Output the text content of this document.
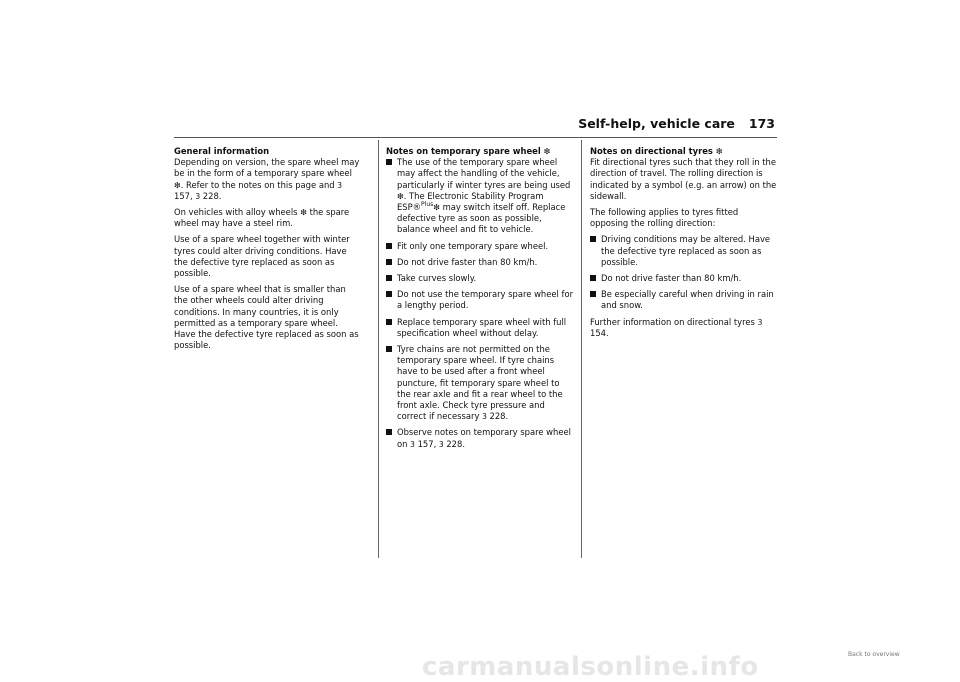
Self-help, vehicle care 173
General information

Depending on version, the spare wheel may be in the form of a temporary spare wheel ❇. Refer to the notes on this page and 3 157, 3 228.

On vehicles with alloy wheels ❇ the spare wheel may have a steel rim.

Use of a spare wheel together with winter tyres could alter driving conditions. Have the defective tyre replaced as soon as possible.

Use of a spare wheel that is smaller than the other wheels could alter driving conditions. In many countries, it is only permitted as a temporary spare wheel. Have the defective tyre replaced as soon as possible.

Notes on temporary spare wheel ❇
The use of the temporary spare wheel may affect the handling of the vehicle, particularly if winter tyres are being used ❇. The Electronic Stability Program ESP®$^{Plus}$❇ may switch itself off. Replace defective tyre as soon as possible, balance wheel and fit to vehicle.
Fit only one temporary spare wheel.
Do not drive faster than 80 km/h.
Take curves slowly.
Do not use the temporary spare wheel for a lengthy period.
Replace temporary spare wheel with full specification wheel without delay.
Tyre chains are not permitted on the temporary spare wheel. If tyre chains have to be used after a front wheel puncture, fit temporary spare wheel to the rear axle and fit a rear wheel to the front axle. Check tyre pressure and correct if necessary 3 228.
Observe notes on temporary spare wheel on 3 157, 3 228.
Notes on directional tyres ❇

Fit directional tyres such that they roll in the direction of travel. The rolling direction is indicated by a symbol (e.g. an arrow) on the sidewall.

The following applies to tyres fitted opposing the rolling direction:

Driving conditions may be altered. Have the defective tyre replaced as soon as possible.
Do not drive faster than 80 km/h.
Be especially careful when driving in rain and snow.

Further information on directional tyres 3 154.

Back to overview
carmanualsonline.info
